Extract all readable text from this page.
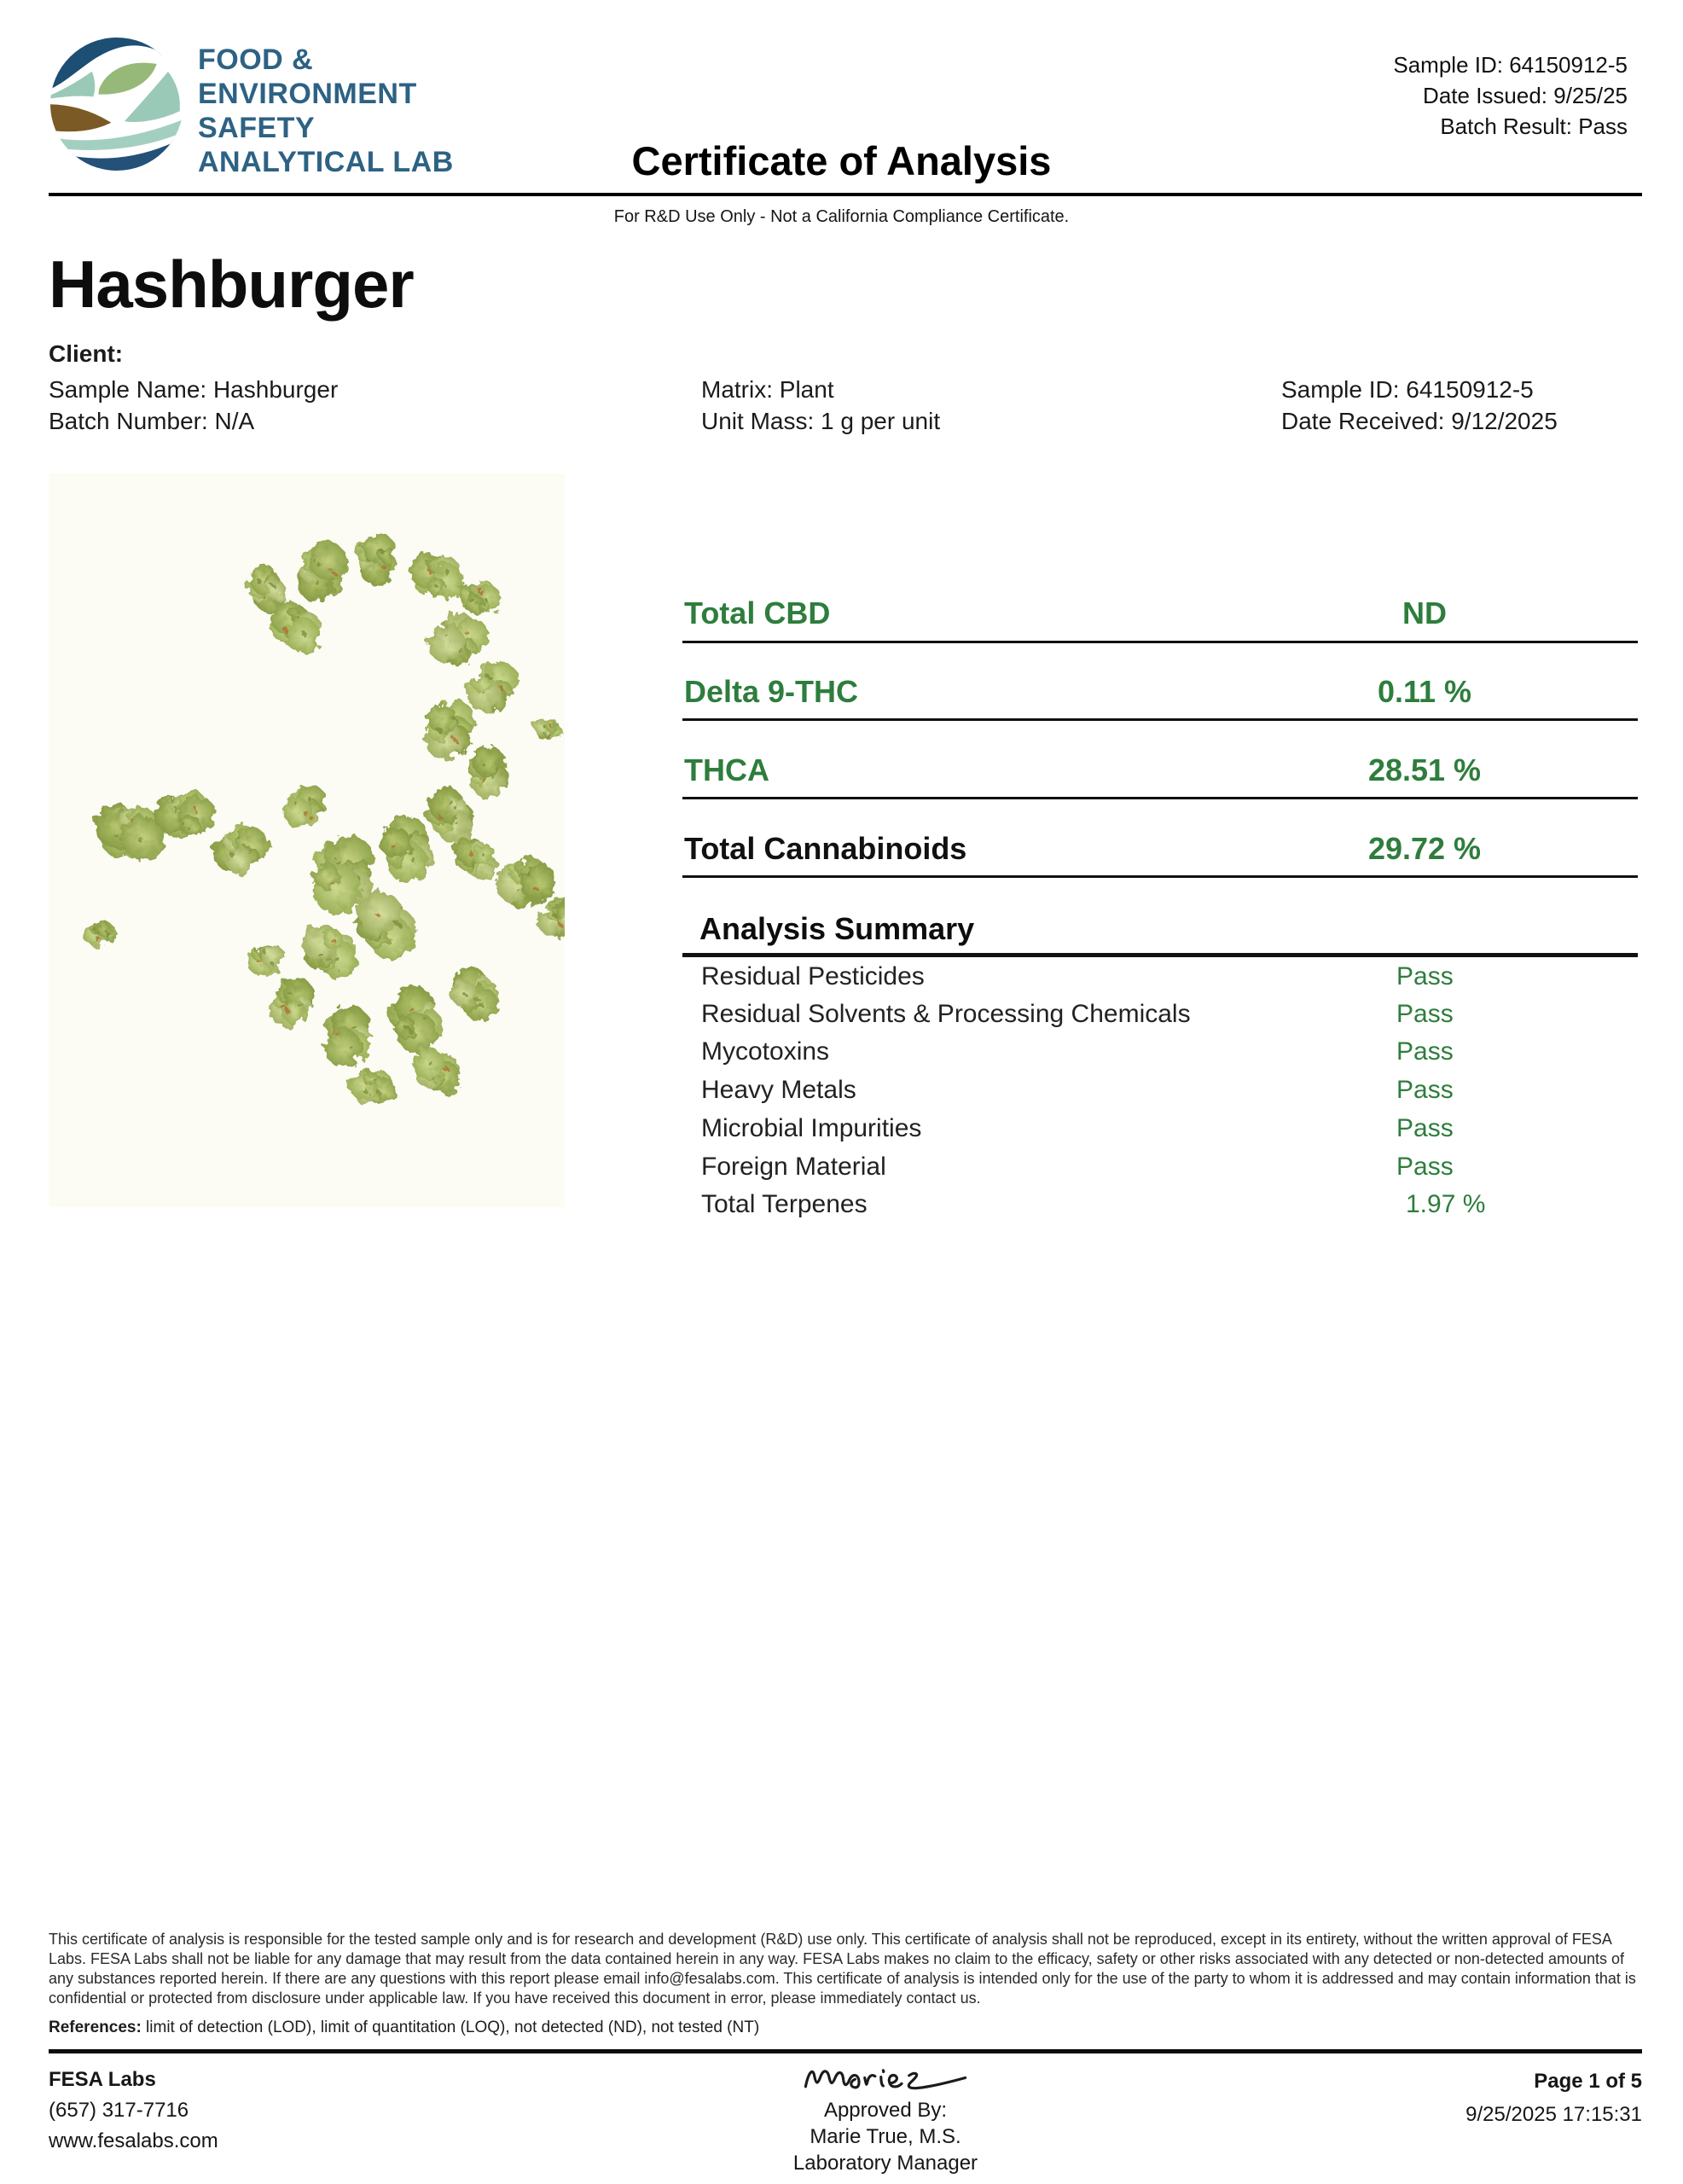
FOOD &
ENVIRONMENT
SAFETY
ANALYTICAL LAB
Sample ID: 64150912-5
Date Issued: 9/25/25
Batch Result: Pass
Certificate of Analysis
For R&D Use Only - Not a California Compliance Certificate.
Hashburger
Client:
Sample Name: Hashburger
Batch Number: N/A
Matrix: Plant
Unit Mass: 1 g per unit
Sample ID: 64150912-5
Date Received: 9/12/2025
Total CBD	ND
Delta 9-THC	0.11 %
THCA	28.51 %
Total Cannabinoids	29.72 %
Analysis Summary
Residual Pesticides	Pass
Residual Solvents & Processing Chemicals	Pass
Mycotoxins	Pass
Heavy Metals	Pass
Microbial Impurities	Pass
Foreign Material	Pass
Total Terpenes	1.97 %
This certificate of analysis is responsible for the tested sample only and is for research and development (R&D) use only. This certificate of analysis shall not be reproduced, except in its entirety, without the written approval of FESA Labs. FESA Labs shall not be liable for any damage that may result from the data contained herein in any way. FESA Labs makes no claim to the efficacy, safety or other risks associated with any detected or non-detected amounts of any substances reported herein. If there are any questions with this report please email info@fesalabs.com. This certificate of analysis is intended only for the use of the party to whom it is addressed and may contain information that is confidential or protected from disclosure under applicable law. If you have received this document in error, please immediately contact us.
References: limit of detection (LOD), limit of quantitation (LOQ), not detected (ND), not tested (NT)
FESA Labs
(657) 317-7716
www.fesalabs.com
Approved By:
Marie True, M.S.
Laboratory Manager
Page 1 of 5
9/25/2025 17:15:31
